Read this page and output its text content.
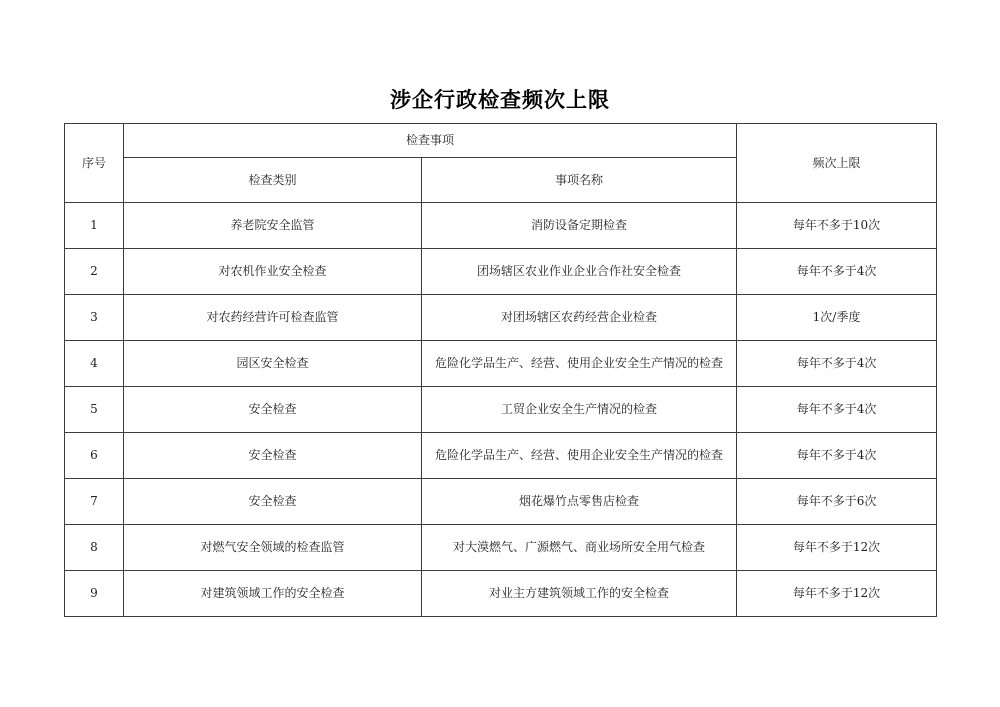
涉企行政检查频次上限
序号	检查事项		频次上限
	检查类别	事项名称	
1	养老院安全监管	消防设备定期检查	每年不多于10次
2	对农机作业安全检查	团场辖区农业作业企业合作社安全检查	每年不多于4次
3	对农药经营许可检查监管	对团场辖区农药经营企业检查	1次/季度
4	园区安全检查	危险化学品生产、经营、使用企业安全生产情况的检查	每年不多于4次
5	安全检查	工贸企业安全生产情况的检查	每年不多于4次
6	安全检查	危险化学品生产、经营、使用企业安全生产情况的检查	每年不多于4次
7	安全检查	烟花爆竹点零售店检查	每年不多于6次
8	对燃气安全领域的检查监管	对大漠燃气、广源燃气、商业场所安全用气检查	每年不多于12次
9	对建筑领域工作的安全检查	对业主方建筑领域工作的安全检查	每年不多于12次
